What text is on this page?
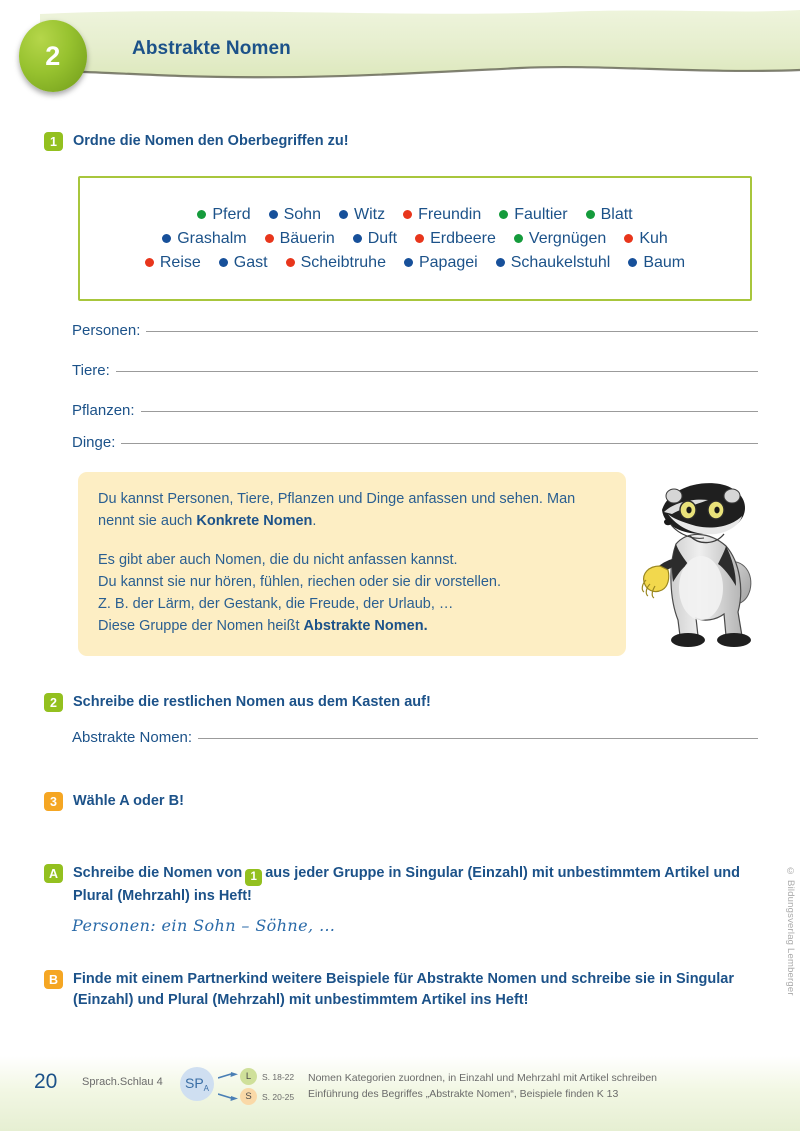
2	Abstrakte Nomen
1	Ordne die Nomen den Oberbegriffen zu!
Pferd Sohn Witz Freundin Faultier Blatt
Grashalm Bäuerin Duft Erdbeere Vergnügen Kuh
Reise Gast Scheibtruhe Papagei Schaukelstuhl Baum
Personen:
Tiere:
Pflanzen:
Dinge:

Du kannst Personen, Tiere, Pflanzen und Dinge anfassen und sehen. Man nennt sie auch Konkrete Nomen.

Es gibt aber auch Nomen, die du nicht anfassen kannst.

Du kannst sie nur hören, fühlen, riechen oder sie dir vorstellen.

Z. B. der Lärm, der Gestank, die Freude, der Urlaub, …

Diese Gruppe der Nomen heißt Abstrakte Nomen.

2	Schreibe die restlichen Nomen aus dem Kasten auf!
Abstrakte Nomen:
3	Wähle A oder B!
A	Schreibe die Nomen von 1 aus jeder Gruppe in Singular (Einzahl) mit unbestimmtem Artikel und Plural (Mehrzahl) ins Heft!
Personen: ein Sohn – Söhne, …
B	Finde mit einem Partnerkind weitere Beispiele für Abstrakte Nomen und schreibe sie in Singular (Einzahl) und Plural (Mehrzahl) mit unbestimmtem Artikel ins Heft!
© Bildungsverlag Lemberger
20 Sprach.Schlau 4 SP A
L	S. 18-22
S	S. 20-25
Nomen Kategorien zuordnen, in Einzahl und Mehrzahl mit Artikel schreiben
Einführung des Begriffes „Abstrakte Nomen“, Beispiele finden K 13
